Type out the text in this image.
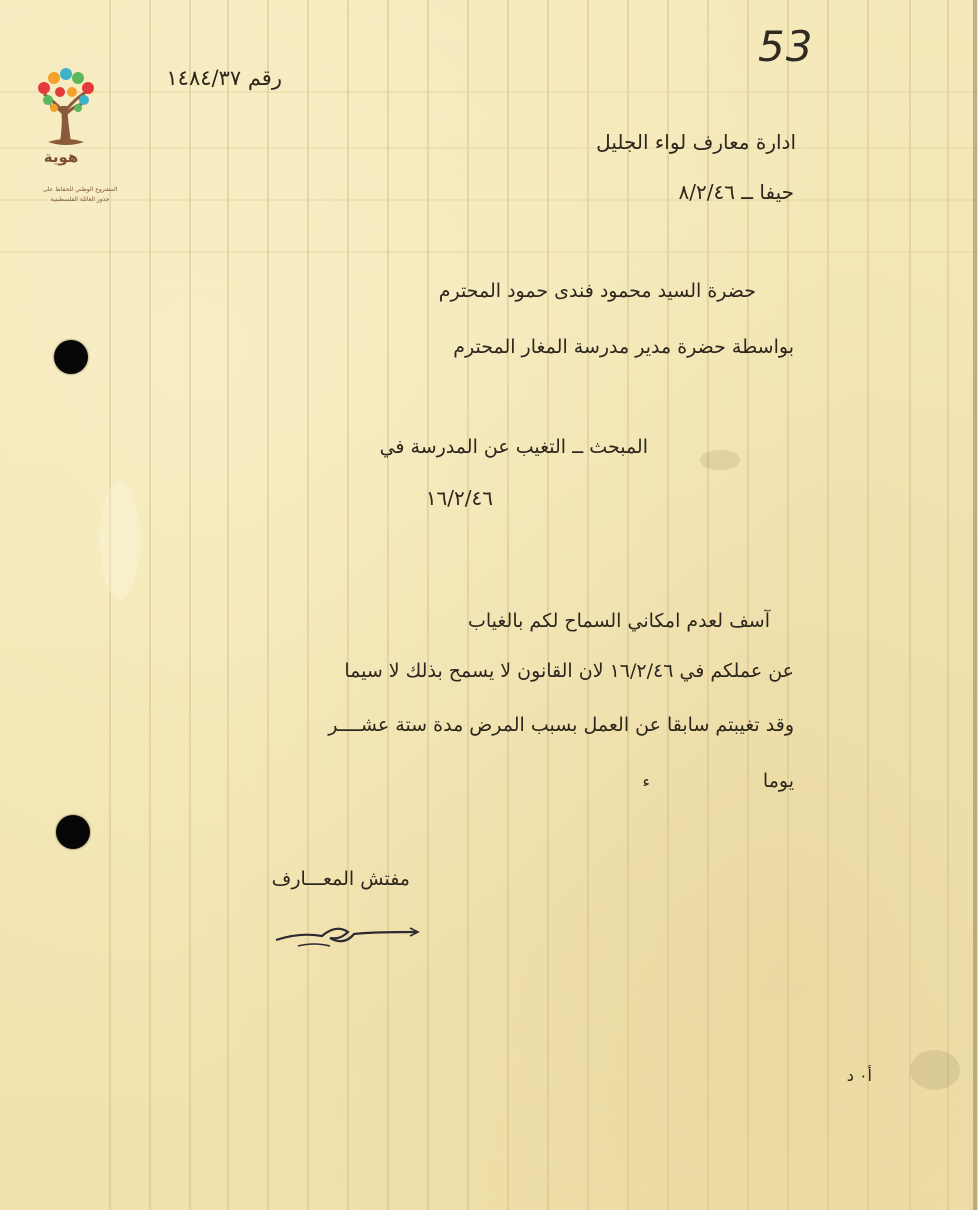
هوية
المشروع الوطني للحفاظ على
جذور العائلة الفلسطينية
53
رقم ١٤٨٤/٣٧
ادارة معارف لواء الجليل
حيفا ــ ٨/٢/٤٦
حضرة السيد محمود فندى حمود المحترم
بواسطة حضرة مدير مدرسة المغار المحترم
المبحث ــ التغيب عن المدرسة في
١٦/٢/٤٦
آسف لعدم امكاني السماح لكم بالغياب
عن عملكم في ١٦/٢/٤٦ لان القانون لا يسمح بذلك لا سيما
وقد تغيبتم سابقا عن العمل بسبب المرض مدة ستة عشــــر
يوما
ء
مفتش المعـــارف
أ٠ د
